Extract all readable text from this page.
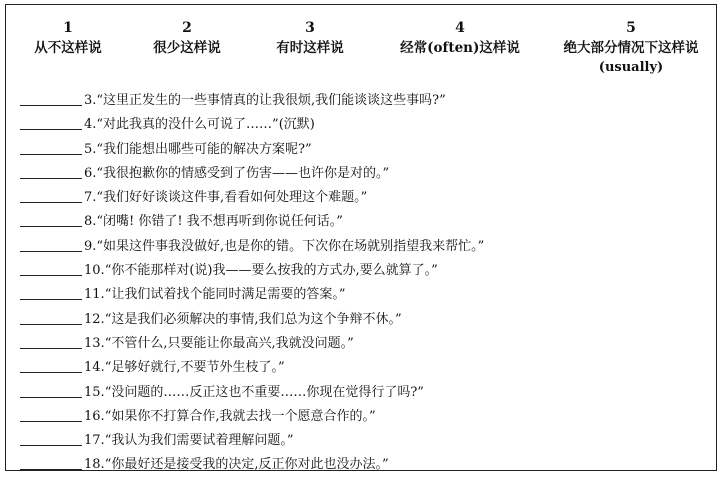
1
从不这样说
2
很少这样说
3
有时这样说
4
经常(often)这样说
5
绝大部分情况下这样说
(usually)
3.“这里正发生的一些事情真的让我很烦,我们能谈谈这些事吗?”
4.“对此我真的没什么可说了……”(沉默)
5.“我们能想出哪些可能的解决方案呢?”
6.“我很抱歉你的情感受到了伤害——也许你是对的。”
7.“我们好好谈谈这件事,看看如何处理这个难题。”
8.“闭嘴! 你错了! 我不想再听到你说任何话。”
9.“如果这件事我没做好,也是你的错。下次你在场就别指望我来帮忙。”
10.“你不能那样对(说)我——要么按我的方式办,要么就算了。”
11.“让我们试着找个能同时满足需要的答案。”
12.“这是我们必须解决的事情,我们总为这个争辩不休。”
13.“不管什么,只要能让你最高兴,我就没问题。”
14.“足够好就行,不要节外生枝了。”
15.“没问题的……反正这也不重要……你现在觉得行了吗?”
16.“如果你不打算合作,我就去找一个愿意合作的。”
17.“我认为我们需要试着理解问题。”
18.“你最好还是接受我的决定,反正你对此也没办法。”
